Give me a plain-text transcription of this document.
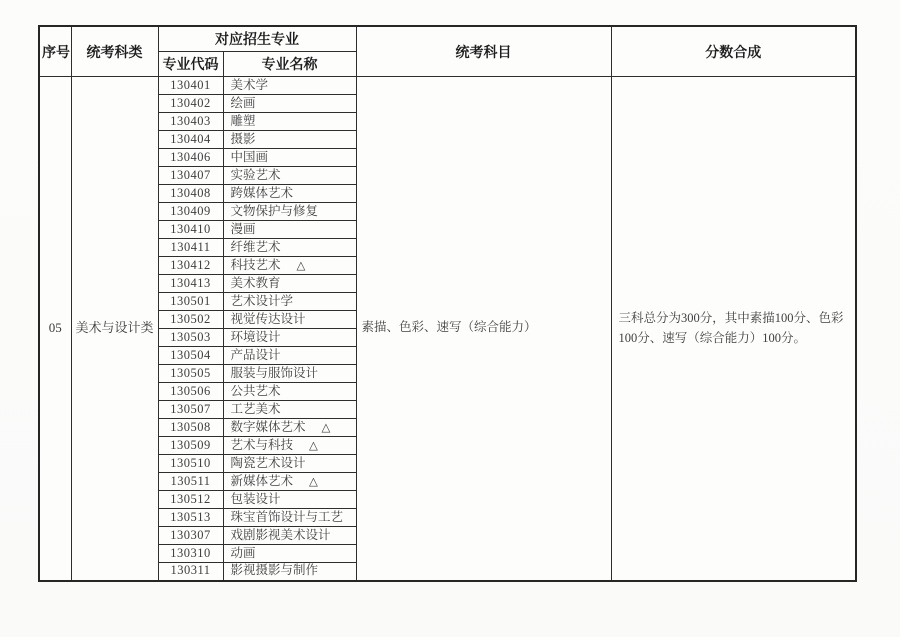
序号	统考科类	对应招生专业		统考科目	分数合成
		专业代码	专业名称		
05	美术与设计类	130401	美术学	素描、色彩、速写（综合能力）	三科总分为300分，其中素描100分、色彩100分、速写（综合能力）100分。
		130402	绘画		
		130403	雕塑		
		130404	摄影		
		130406	中国画		
		130407	实验艺术		
		130408	跨媒体艺术		
		130409	文物保护与修复		
		130410	漫画		
		130411	纤维艺术		
		130412	科技艺术 △		
		130413	美术教育		
		130501	艺术设计学		
		130502	视觉传达设计		
		130503	环境设计		
		130504	产品设计		
		130505	服装与服饰设计		
		130506	公共艺术		
		130507	工艺美术		
		130508	数字媒体艺术 △		
		130509	艺术与科技 △		
		130510	陶瓷艺术设计		
		130511	新媒体艺术 △		
		130512	包装设计		
		130513	珠宝首饰设计与工艺		
		130307	戏剧影视美术设计		
		130310	动画		
		130311	影视摄影与制作		
